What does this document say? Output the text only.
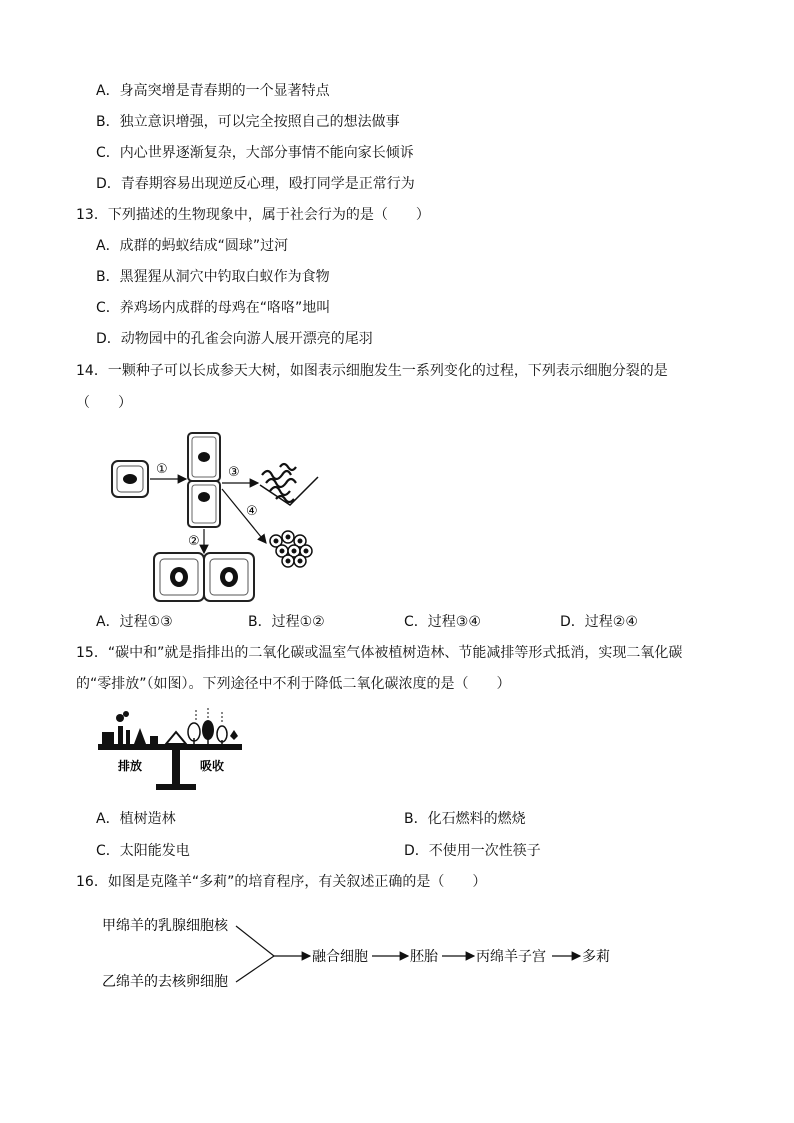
A．身高突增是青春期的一个显著特点
B．独立意识增强，可以完全按照自己的想法做事
C．内心世界逐渐复杂，大部分事情不能向家长倾诉
D．青春期容易出现逆反心理，殴打同学是正常行为
13．下列描述的生物现象中，属于社会行为的是（　　）
A．成群的蚂蚁结成“圆球”过河
B．黑猩猩从洞穴中钓取白蚁作为食物
C．养鸡场内成群的母鸡在“咯咯”地叫
D．动物园中的孔雀会向游人展开漂亮的尾羽
14．一颗种子可以长成参天大树，如图表示细胞发生一系列变化的过程，下列表示细胞分裂的是
（　　）
①	③
④
②
A．过程①③	B．过程①②	C．过程③④	D．过程②④
15．“碳中和”就是指排出的二氧化碳或温室气体被植树造林、节能减排等形式抵消，实现二氧化碳
的“零排放”（如图）。下列途径中不利于降低二氧化碳浓度的是（　　）
排放	吸收
A．植树造林	B．化石燃料的燃烧
C．太阳能发电	D．不使用一次性筷子
16．如图是克隆羊“多莉”的培育程序，有关叙述正确的是（　　）
甲绵羊的乳腺细胞核
乙绵羊的去核卵细胞
融合细胞	胚胎	丙绵羊子宫	多莉
